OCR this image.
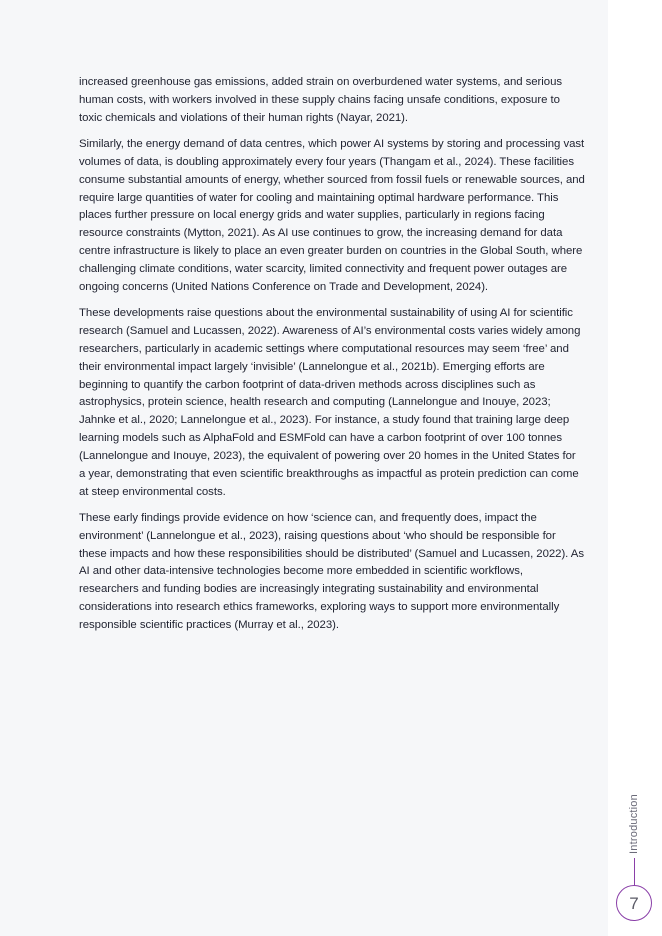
increased greenhouse gas emissions, added strain on overburdened water systems, and serious human costs, with workers involved in these supply chains facing unsafe conditions, exposure to toxic chemicals and violations of their human rights (Nayar, 2021).

Similarly, the energy demand of data centres, which power AI systems by storing and processing vast volumes of data, is doubling approximately every four years (Thangam et al., 2024). These facilities consume substantial amounts of energy, whether sourced from fossil fuels or renewable sources, and require large quantities of water for cooling and maintaining optimal hardware performance. This places further pressure on local energy grids and water supplies, particularly in regions facing resource constraints (Mytton, 2021). As AI use continues to grow, the increasing demand for data centre infrastructure is likely to place an even greater burden on countries in the Global South, where challenging climate conditions, water scarcity, limited connectivity and frequent power outages are ongoing concerns (United Nations Conference on Trade and Development, 2024).

These developments raise questions about the environmental sustainability of using AI for scientific research (Samuel and Lucassen, 2022). Awareness of AI’s environmental costs varies widely among researchers, particularly in academic settings where computational resources may seem ‘free’ and their environmental impact largely ‘invisible’ (Lannelongue et al., 2021b). Emerging efforts are beginning to quantify the carbon footprint of data-driven methods across disciplines such as astrophysics, protein science, health research and computing (Lannelongue and Inouye, 2023; Jahnke et al., 2020; Lannelongue et al., 2023). For instance, a study found that training large deep learning models such as AlphaFold and ESMFold can have a carbon footprint of over 100 tonnes (Lannelongue and Inouye, 2023), the equivalent of powering over 20 homes in the United States for a year, demonstrating that even scientific breakthroughs as impactful as protein prediction can come at steep environmental costs.

These early findings provide evidence on how ‘science can, and frequently does, impact the environment’ (Lannelongue et al., 2023), raising questions about ‘who should be responsible for these impacts and how these responsibilities should be distributed’ (Samuel and Lucassen, 2022). As AI and other data-intensive technologies become more embedded in scientific workflows, researchers and funding bodies are increasingly integrating sustainability and environmental considerations into research ethics frameworks, exploring ways to support more environmentally responsible scientific practices (Murray et al., 2023).

Introduction
7
